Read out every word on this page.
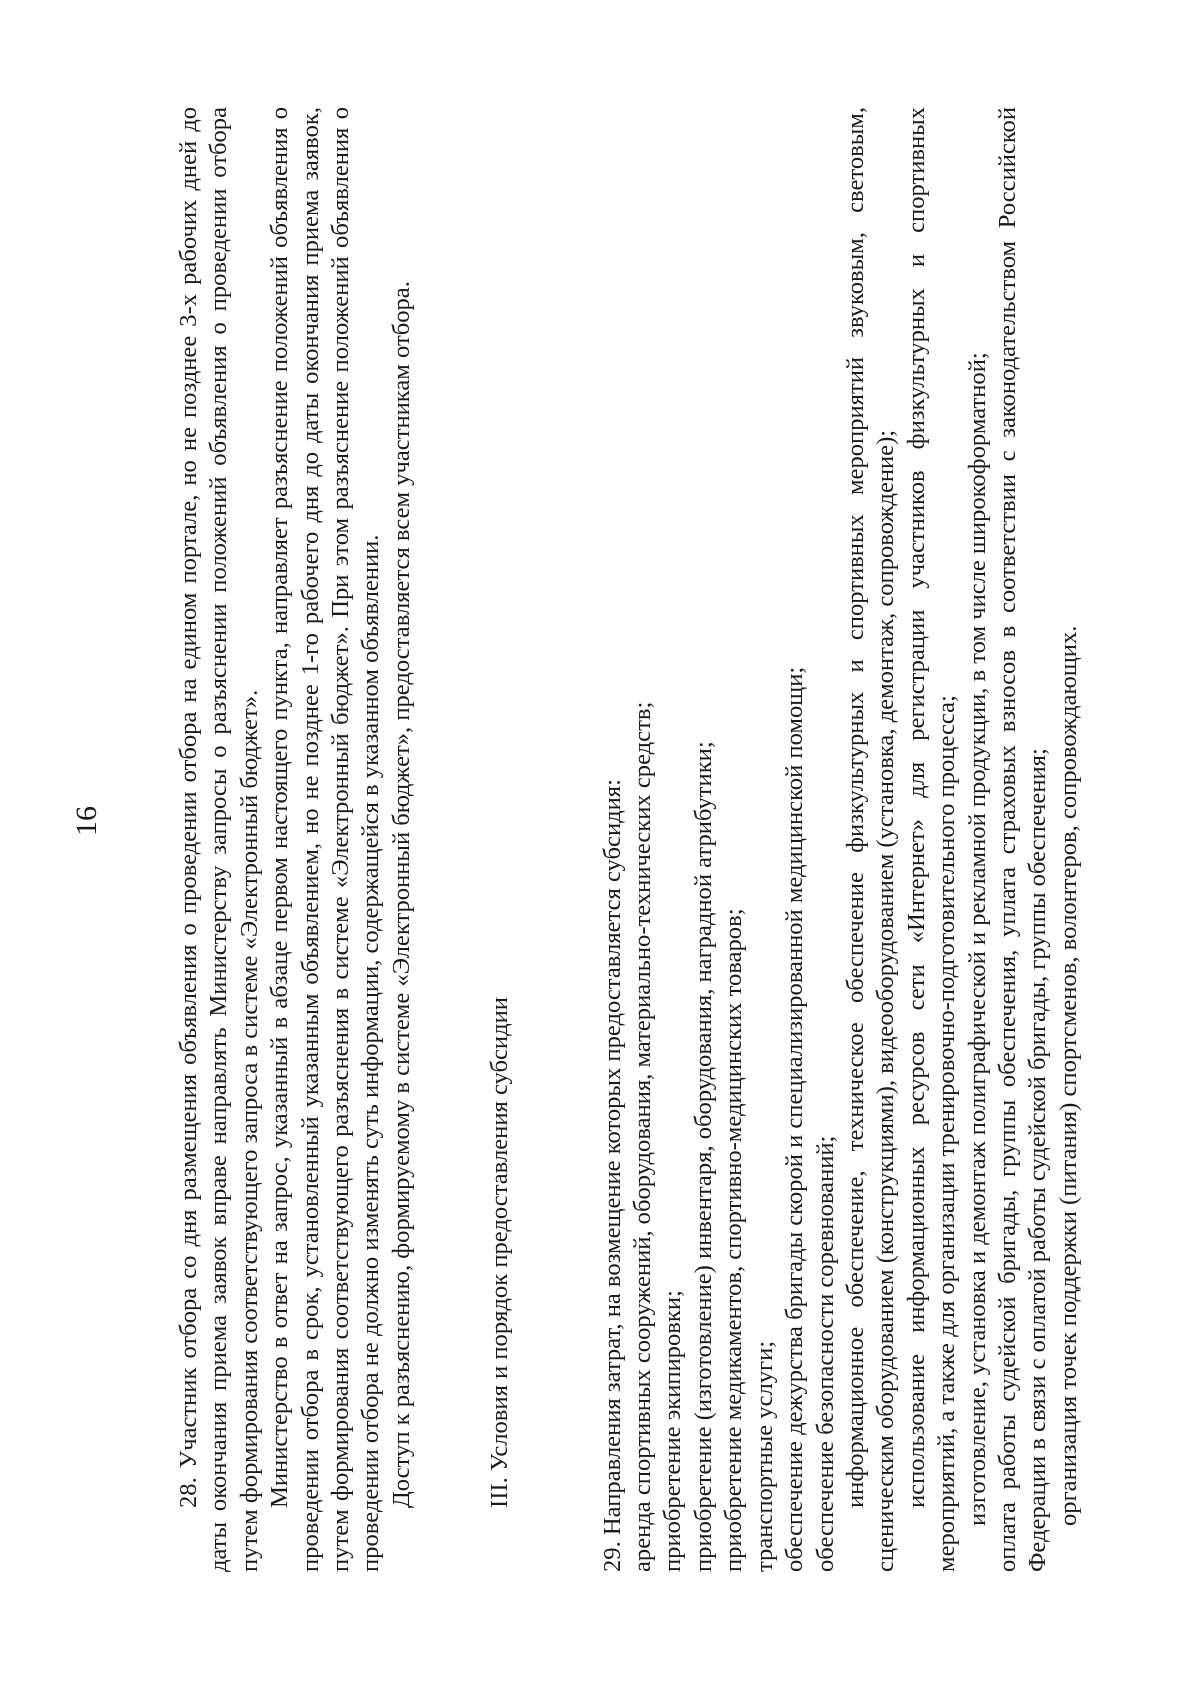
16	28. Участник отбора со дня размещения объявления о проведении отбора на едином портале, но не позднее 3-х рабочих дней до даты окончания приема заявок вправе направлять Министерству запросы о разъяснении положений объявления о проведении отбора путем формирования соответствующего запроса в системе «Электронный бюджет». Министерство в ответ на запрос, указанный в абзаце первом настоящего пункта, направляет разъяснение положений объявления о проведении отбора в срок, установленный указанным объявлением, но не позднее 1-го рабочего дня до даты окончания приема заявок, путем формирования соответствующего разъяснения в системе «Электронный бюджет». При этом разъяснение положений объявления о проведении отбора не должно изменять суть информации, содержащейся в указанном объявлении. Доступ к разъяснению, формируемому в системе «Электронный бюджет», предоставляется всем участникам отбора.	III. Условия и порядок предоставления субсидии	29. Направления затрат, на возмещение которых предоставляется субсидия: аренда спортивных сооружений, оборудования, материально-технических средств; приобретение экипировки; приобретение (изготовление) инвентаря, оборудования, наградной атрибутики; приобретение медикаментов, спортивно-медицинских товаров; транспортные услуги; обеспечение дежурства бригады скорой и специализированной медицинской помощи; обеспечение безопасности соревнований; информационное обеспечение, техническое обеспечение физкультурных и спортивных мероприятий звуковым, световым, сценическим оборудованием (конструкциями), видеооборудованием (установка, демонтаж, сопровождение); использование информационных ресурсов сети «Интернет» для регистрации участников физкультурных и спортивных мероприятий, а также для организации тренировочно-подготовительного процесса; изготовление, установка и демонтаж полиграфической и рекламной продукции, в том числе широкоформатной; оплата работы судейской бригады, группы обеспечения, уплата страховых взносов в соответствии с законодательством Российской Федерации в связи с оплатой работы судейской бригады, группы обеспечения; организация точек поддержки (питания) спортсменов, волонтеров, сопровождающих.
